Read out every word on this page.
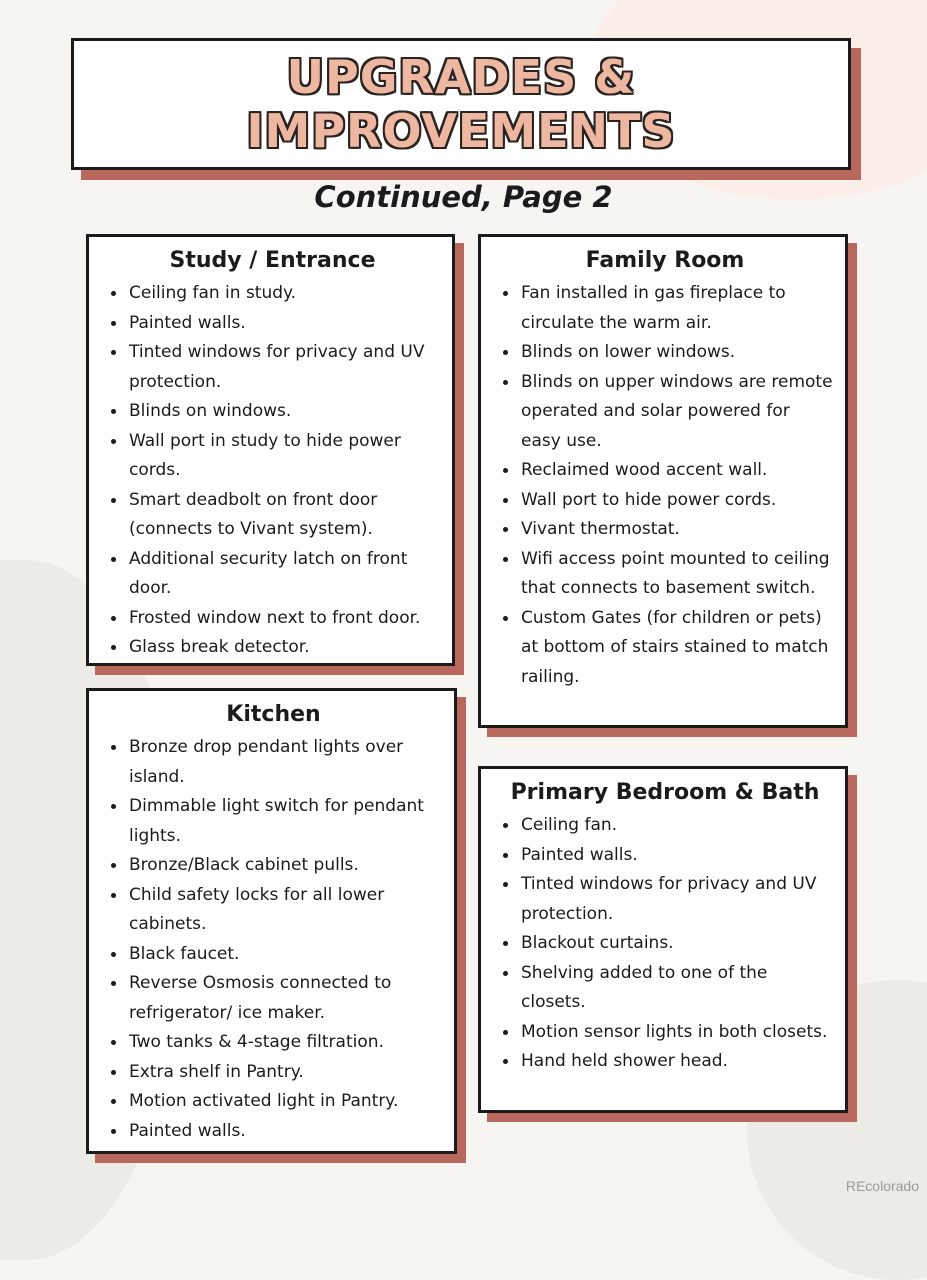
UPGRADES &
IMPROVEMENTS
Continued, Page 2
Study / Entrance
• Ceiling fan in study.
• Painted walls.
• Tinted windows for privacy and UV protection.
• Blinds on windows.
• Wall port in study to hide power cords.
• Smart deadbolt on front door (connects to Vivant system).
• Additional security latch on front door.
• Frosted window next to front door.
• Glass break detector.
Family Room
• Fan installed in gas fireplace to circulate the warm air.
• Blinds on lower windows.
• Blinds on upper windows are remote operated and solar powered for easy use.
• Reclaimed wood accent wall.
• Wall port to hide power cords.
• Vivant thermostat.
• Wifi access point mounted to ceiling that connects to basement switch.
• Custom Gates (for children or pets) at bottom of stairs stained to match railing.
Kitchen
• Bronze drop pendant lights over island.
• Dimmable light switch for pendant lights.
• Bronze/Black cabinet pulls.
• Child safety locks for all lower cabinets.
• Black faucet.
• Reverse Osmosis connected to refrigerator/ ice maker.
• Two tanks & 4-stage filtration.
• Extra shelf in Pantry.
• Motion activated light in Pantry.
• Painted walls.
Primary Bedroom & Bath
• Ceiling fan.
• Painted walls.
• Tinted windows for privacy and UV protection.
• Blackout curtains.
• Shelving added to one of the closets.
• Motion sensor lights in both closets.
• Hand held shower head.
REcolorado
